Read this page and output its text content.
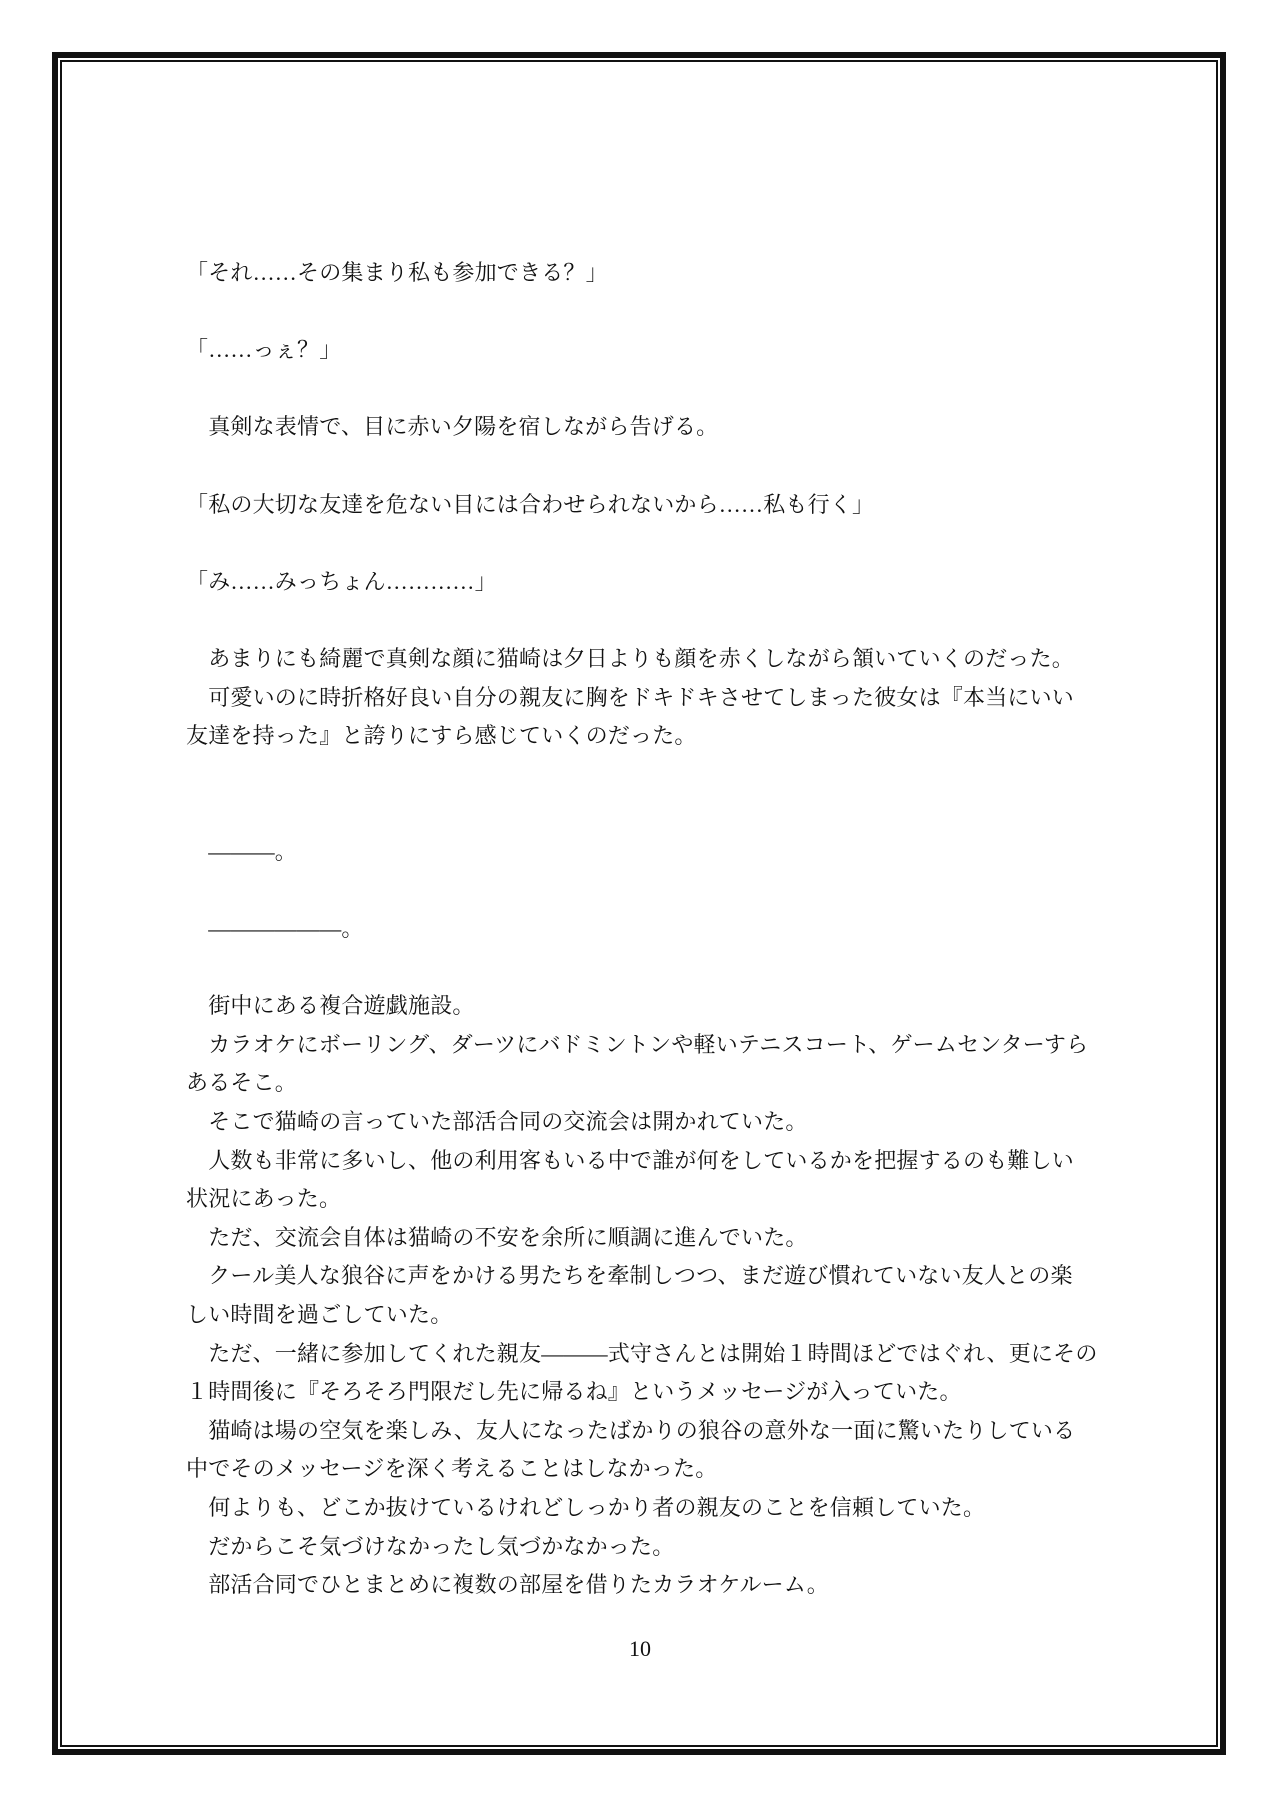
「それ……その集まり私も参加できる？」
「……っぇ？」
　真剣な表情で、目に赤い夕陽を宿しながら告げる。
「私の大切な友達を危ない目には合わせられないから……私も行く」
「み……みっちょん…………」
　あまりにも綺麗で真剣な顔に猫崎は夕日よりも顔を赤くしながら頷いていくのだった。
　可愛いのに時折格好良い自分の親友に胸をドキドキさせてしまった彼女は『本当にいい
友達を持った』と誇りにすら感じていくのだった。
　―――。
　――――――。
　街中にある複合遊戯施設。
　カラオケにボーリング、ダーツにバドミントンや軽いテニスコート、ゲームセンターすら
あるそこ。
　そこで猫崎の言っていた部活合同の交流会は開かれていた。
　人数も非常に多いし、他の利用客もいる中で誰が何をしているかを把握するのも難しい
状況にあった。
　ただ、交流会自体は猫崎の不安を余所に順調に進んでいた。
　クール美人な狼谷に声をかける男たちを牽制しつつ、まだ遊び慣れていない友人との楽
しい時間を過ごしていた。
　ただ、一緒に参加してくれた親友―――式守さんとは開始１時間ほどではぐれ、更にその
１時間後に『そろそろ門限だし先に帰るね』というメッセージが入っていた。
　猫崎は場の空気を楽しみ、友人になったばかりの狼谷の意外な一面に驚いたりしている
中でそのメッセージを深く考えることはしなかった。
　何よりも、どこか抜けているけれどしっかり者の親友のことを信頼していた。
　だからこそ気づけなかったし気づかなかった。
　部活合同でひとまとめに複数の部屋を借りたカラオケルーム。
10
